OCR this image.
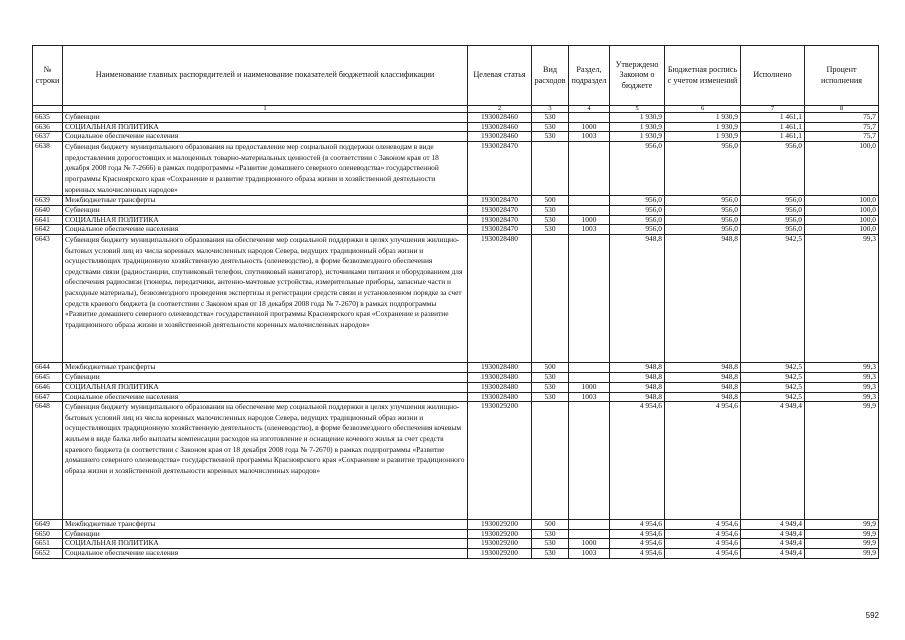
№ строки	Наименование главных распорядителей и наименование показателей бюджетной классификации	Целевая статья	Вид расходов	Раздел, подраздел	Утверждено Законом о бюджете	Бюджетная роспись с учетом изменений	Исполнено	Процент исполнения
	1	2	3	4	5	6	7	8
6635	Субвенции	1930028460	530		1 930,9	1 930,9	1 461,1	75,7
6636	СОЦИАЛЬНАЯ ПОЛИТИКА	1930028460	530	1000	1 930,9	1 930,9	1 461,1	75,7
6637	Социальное обеспечение населения	1930028460	530	1003	1 930,9	1 930,9	1 461,1	75,7
6638	Субвенция бюджету муниципального образования на предоставление мер социальной поддержки оленеводам в виде предоставления дорогостоящих и малоценных товарно-материальных ценностей (в соответствии с Законом края от 18 декабря 2008 года № 7-2666) в рамках подпрограммы «Развитие домашнего северного оленеводства» государственной программы Красноярского края «Сохранение и развитие традиционного образа жизни и хозяйственной деятельности коренных малочисленных народов»	1930028470			956,0	956,0	956,0	100,0
6639	Межбюджетные трансферты	1930028470	500		956,0	956,0	956,0	100,0
6640	Субвенции	1930028470	530		956,0	956,0	956,0	100,0
6641	СОЦИАЛЬНАЯ ПОЛИТИКА	1930028470	530	1000	956,0	956,0	956,0	100,0
6642	Социальное обеспечение населения	1930028470	530	1003	956,0	956,0	956,0	100,0
6643	Субвенция бюджету муниципального образования на обеспечение мер социальной поддержки в целях улучшения жилищно-бытовых условий лиц из числа коренных малочисленных народов Севера, ведущих традиционный образ жизни и осуществляющих традиционную хозяйственную деятельность (оленеводство), в форме безвозмездного обеспечения средствами связи (радиостанции, спутниковый телефон, спутниковый навигатор), источниками питания и оборудованием для обеспечения радиосвязи (тюнеры, передатчики, антенно-мачтовые устройства, измерительные приборы, запасные части и расходные материалы), безвозмездного проведения экспертизы и регистрации средств связи и установленном порядке за счет средств краевого бюджета (в соответствии с Законом края от 18 декабря 2008 года № 7-2670) в рамках подпрограммы «Развитие домашнего северного оленеводства» государственной программы Красноярского края «Сохранение и развитие традиционного образа жизни и хозяйственной деятельности коренных малочисленных народов»	1930028480			948,8	948,8	942,5	99,3
6644	Межбюджетные трансферты	1930028480	500		948,8	948,8	942,5	99,3
6645	Субвенции	1930028480	530		948,8	948,8	942,5	99,3
6646	СОЦИАЛЬНАЯ ПОЛИТИКА	1930028480	530	1000	948,8	948,8	942,5	99,3
6647	Социальное обеспечение населения	1930028480	530	1003	948,8	948,8	942,5	99,3
6648	Субвенция бюджету муниципального образования на обеспечение мер социальной поддержки в целях улучшения жилищно-бытовых условий лиц из числа коренных малочисленных народов Севера, ведущих традиционный образ жизни и осуществляющих традиционную хозяйственную деятельность (оленеводство), в форме безвозмездного обеспечения кочевым жильем в виде балка либо выплаты компенсации расходов на изготовление и оснащение кочевого жилья за счет средств краевого бюджета (в соответствии с Законом края от 18 декабря 2008 года № 7-2670) в рамках подпрограммы «Развитие домашнего северного оленеводства» государственной программы Красноярского края «Сохранение и развитие традиционного образа жизни и хозяйственной деятельности коренных малочисленных народов»	1930029200			4 954,6	4 954,6	4 949,4	99,9
6649	Межбюджетные трансферты	1930029200	500		4 954,6	4 954,6	4 949,4	99,9
6650	Субвенции	1930029200	530		4 954,6	4 954,6	4 949,4	99,9
6651	СОЦИАЛЬНАЯ ПОЛИТИКА	1930029200	530	1000	4 954,6	4 954,6	4 949,4	99,9
6652	Социальное обеспечение населения	1930029200	530	1003	4 954,6	4 954,6	4 949,4	99,9
592
